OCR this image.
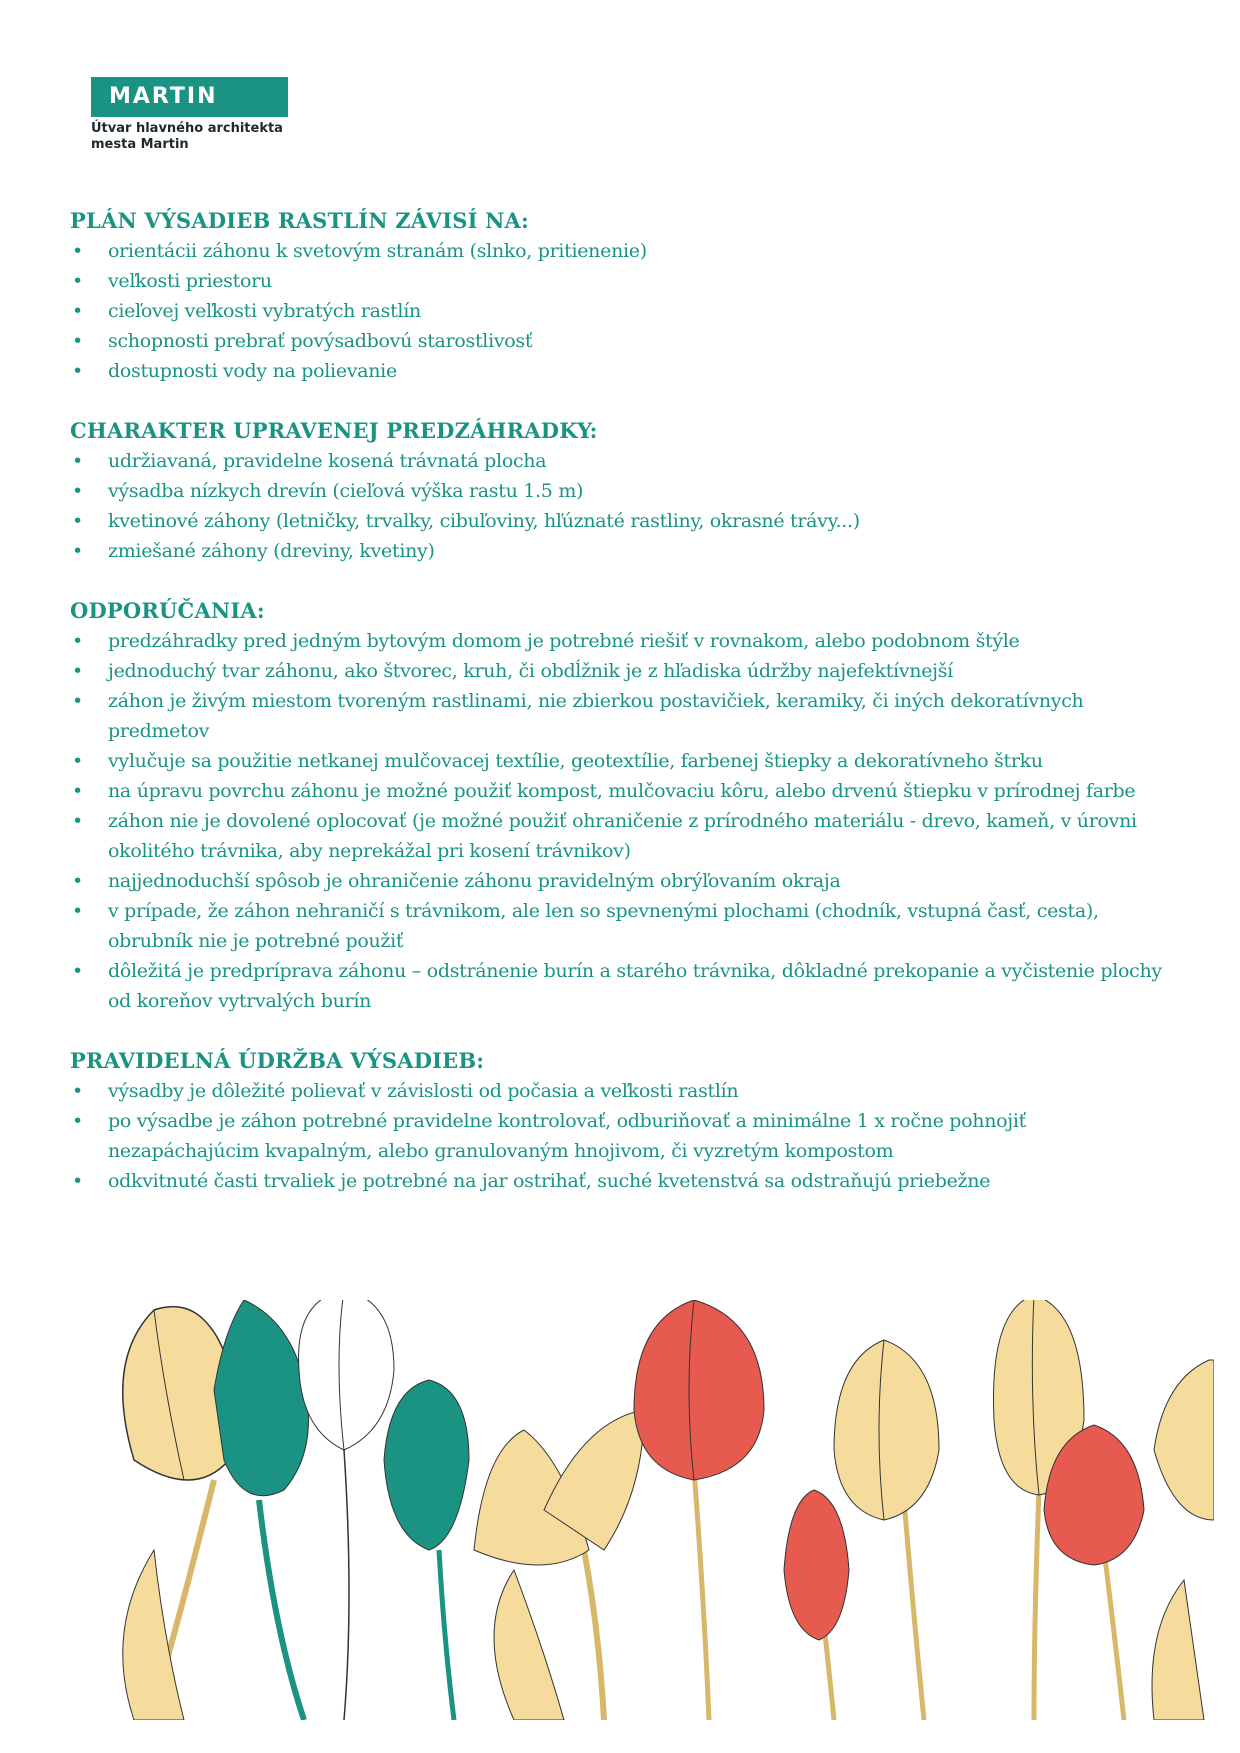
MARTIN
Útvar hlavného architekta
mesta Martin
PLÁN VÝSADIEB RASTLÍN ZÁVISÍ NA:
• orientácii záhonu k svetovým stranám (slnko, pritienenie)
• veľkosti priestoru
• cieľovej veľkosti vybratých rastlín
• schopnosti prebrať povýsadbovú starostlivosť
• dostupnosti vody na polievanie
CHARAKTER UPRAVENEJ PREDZÁHRADKY:
• udržiavaná, pravidelne kosená trávnatá plocha
• výsadba nízkych drevín (cieľová výška rastu 1.5 m)
• kvetinové záhony (letničky, trvalky, cibuľoviny, hľúznaté rastliny, okrasné trávy...)
• zmiešané záhony (dreviny, kvetiny)
ODPORÚČANIA:
• predzáhradky pred jedným bytovým domom je potrebné riešiť v rovnakom, alebo podobnom štýle
• jednoduchý tvar záhonu, ako štvorec, kruh, či obdĺžnik je z hľadiska údržby najefektívnejší
• záhon je živým miestom tvoreným rastlinami, nie zbierkou postavičiek, keramiky, či iných dekoratívnych predmetov
• vylučuje sa použitie netkanej mulčovacej textílie, geotextílie, farbenej štiepky a dekoratívneho štrku
• na úpravu povrchu záhonu je možné použiť kompost, mulčovaciu kôru, alebo drvenú štiepku v prírodnej farbe
• záhon nie je dovolené oplocovať (je možné použiť ohraničenie z prírodného materiálu - drevo, kameň, v úrovni okolitého trávnika, aby neprekážal pri kosení trávnikov)
• najjednoduchší spôsob je ohraničenie záhonu pravidelným obrýľovaním okraja
• v prípade, že záhon nehraničí s trávnikom, ale len so spevnenými plochami (chodník, vstupná časť, cesta), obrubník nie je potrebné použiť
• dôležitá je predpríprava záhonu – odstránenie burín a starého trávnika, dôkladné prekopanie a vyčistenie plochy od koreňov vytrvalých burín
PRAVIDELNÁ ÚDRŽBA VÝSADIEB:
• výsadby je dôležité polievať v závislosti od počasia a veľkosti rastlín
• po výsadbe je záhon potrebné pravidelne kontrolovať, odburiňovať a minimálne 1 x ročne pohnojiť nezapáchajúcim kvapalným, alebo granulovaným hnojivom, či vyzretým kompostom
• odkvitnuté časti trvaliek je potrebné na jar ostrihať, suché kvetenstvá sa odstraňujú priebežne
